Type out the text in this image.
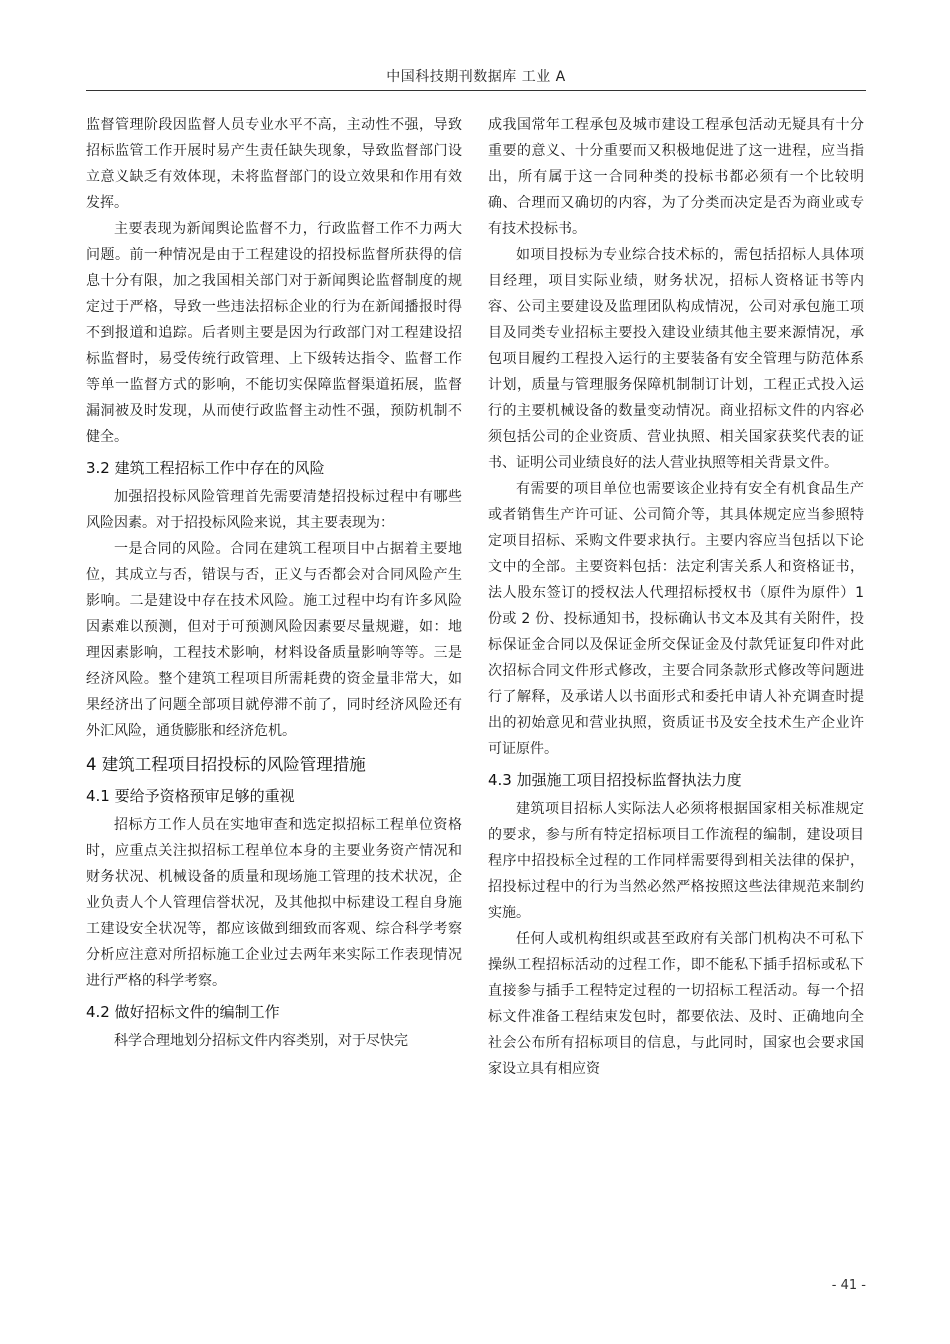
中国科技期刊数据库 工业 A

监督管理阶段因监督人员专业水平不高，主动性不强，导致招标监管工作开展时易产生责任缺失现象，导致监督部门设立意义缺乏有效体现，未将监督部门的设立效果和作用有效发挥。

主要表现为新闻舆论监督不力，行政监督工作不力两大问题。前一种情况是由于工程建设的招投标监督所获得的信息十分有限，加之我国相关部门对于新闻舆论监督制度的规定过于严格，导致一些违法招标企业的行为在新闻播报时得不到报道和追踪。后者则主要是因为行政部门对工程建设招标监督时，易受传统行政管理、上下级转达指令、监督工作等单一监督方式的影响，不能切实保障监督渠道拓展，监督漏洞被及时发现，从而使行政监督主动性不强，预防机制不健全。

3.2 建筑工程招标工作中存在的风险

加强招投标风险管理首先需要清楚招投标过程中有哪些风险因素。对于招投标风险来说，其主要表现为：

一是合同的风险。合同在建筑工程项目中占据着主要地位，其成立与否，错误与否，正义与否都会对合同风险产生影响。二是建设中存在技术风险。施工过程中均有许多风险因素难以预测，但对于可预测风险因素要尽量规避，如：地理因素影响，工程技术影响，材料设备质量影响等等。三是经济风险。整个建筑工程项目所需耗费的资金量非常大，如果经济出了问题全部项目就停滞不前了，同时经济风险还有外汇风险，通货膨胀和经济危机。

4 建筑工程项目招投标的风险管理措施
4.1 要给予资格预审足够的重视

招标方工作人员在实地审查和选定拟招标工程单位资格时，应重点关注拟招标工程单位本身的主要业务资产情况和财务状况、机械设备的质量和现场施工管理的技术状况，企业负责人个人管理信誉状况，及其他拟中标建设工程自身施工建设安全状况等，都应该做到细致而客观、综合科学考察分析应注意对所招标施工企业过去两年来实际工作表现情况进行严格的科学考察。

4.2 做好招标文件的编制工作

科学合理地划分招标文件内容类别，对于尽快完

成我国常年工程承包及城市建设工程承包活动无疑具有十分重要的意义、十分重要而又积极地促进了这一进程，应当指出，所有属于这一合同种类的投标书都必须有一个比较明确、合理而又确切的内容，为了分类而决定是否为商业或专有技术投标书。

如项目投标为专业综合技术标的，需包括招标人具体项目经理，项目实际业绩，财务状况，招标人资格证书等内容、公司主要建设及监理团队构成情况，公司对承包施工项目及同类专业招标主要投入建设业绩其他主要来源情况，承包项目履约工程投入运行的主要装备有安全管理与防范体系计划，质量与管理服务保障机制制订计划，工程正式投入运行的主要机械设备的数量变动情况。商业招标文件的内容必须包括公司的企业资质、营业执照、相关国家获奖代表的证书、证明公司业绩良好的法人营业执照等相关背景文件。

有需要的项目单位也需要该企业持有安全有机食品生产或者销售生产许可证、公司简介等，其具体规定应当参照特定项目招标、采购文件要求执行。主要内容应当包括以下论文中的全部。主要资料包括：法定利害关系人和资格证书，法人股东签订的授权法人代理招标授权书（原件为原件）1 份或 2 份、投标通知书，投标确认书文本及其有关附件，投标保证金合同以及保证金所交保证金及付款凭证复印件对此次招标合同文件形式修改，主要合同条款形式修改等问题进行了解释，及承诺人以书面形式和委托申请人补充调查时提出的初始意见和营业执照，资质证书及安全技术生产企业许可证原件。

4.3 加强施工项目招投标监督执法力度

建筑项目招标人实际法人必须将根据国家相关标准规定的要求，参与所有特定招标项目工作流程的编制，建设项目程序中招投标全过程的工作同样需要得到相关法律的保护，招投标过程中的行为当然必然严格按照这些法律规范来制约实施。

任何人或机构组织或甚至政府有关部门机构决不可私下操纵工程招标活动的过程工作，即不能私下插手招标或私下直接参与插手工程特定过程的一切招标工程活动。每一个招标文件准备工程结束发包时，都要依法、及时、正确地向全社会公布所有招标项目的信息，与此同时，国家也会要求国家设立具有相应资

- 41 -
